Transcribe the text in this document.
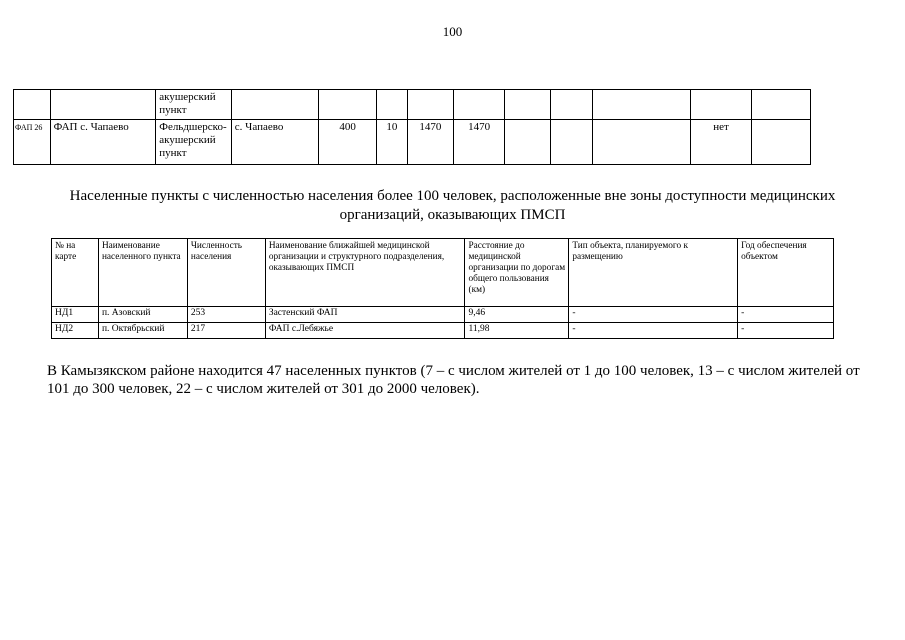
100
		акушерский пункт										
ФАП 26	ФАП с. Чапаево	Фельдшерско-акушерский пункт	с. Чапаево	400	10	1470	1470				нет	
Населенные пункты с численностью населения более 100 человек, расположенные вне зоны доступности медицинских организаций, оказывающих ПМСП
№ на карте	Наименование населенного пункта	Численность населения	Наименование ближайшей медицинской организации и структурного подразделения, оказывающих ПМСП	Расстояние до медицинской организации по дорогам общего пользования (км)	Тип объекта, планируемого к размещению	Год обеспечения объектом
НД1	п. Азовский	253	Застенский ФАП	9,46	-	-
НД2	п. Октябрьский	217	ФАП с.Лебяжье	11,98	-	-
В Камызякском районе находится 47 населенных пунктов (7 – с числом жителей от 1 до 100 человек, 13 – с числом жителей от 101 до 300 человек, 22 – с числом жителей от 301 до 2000 человек).
